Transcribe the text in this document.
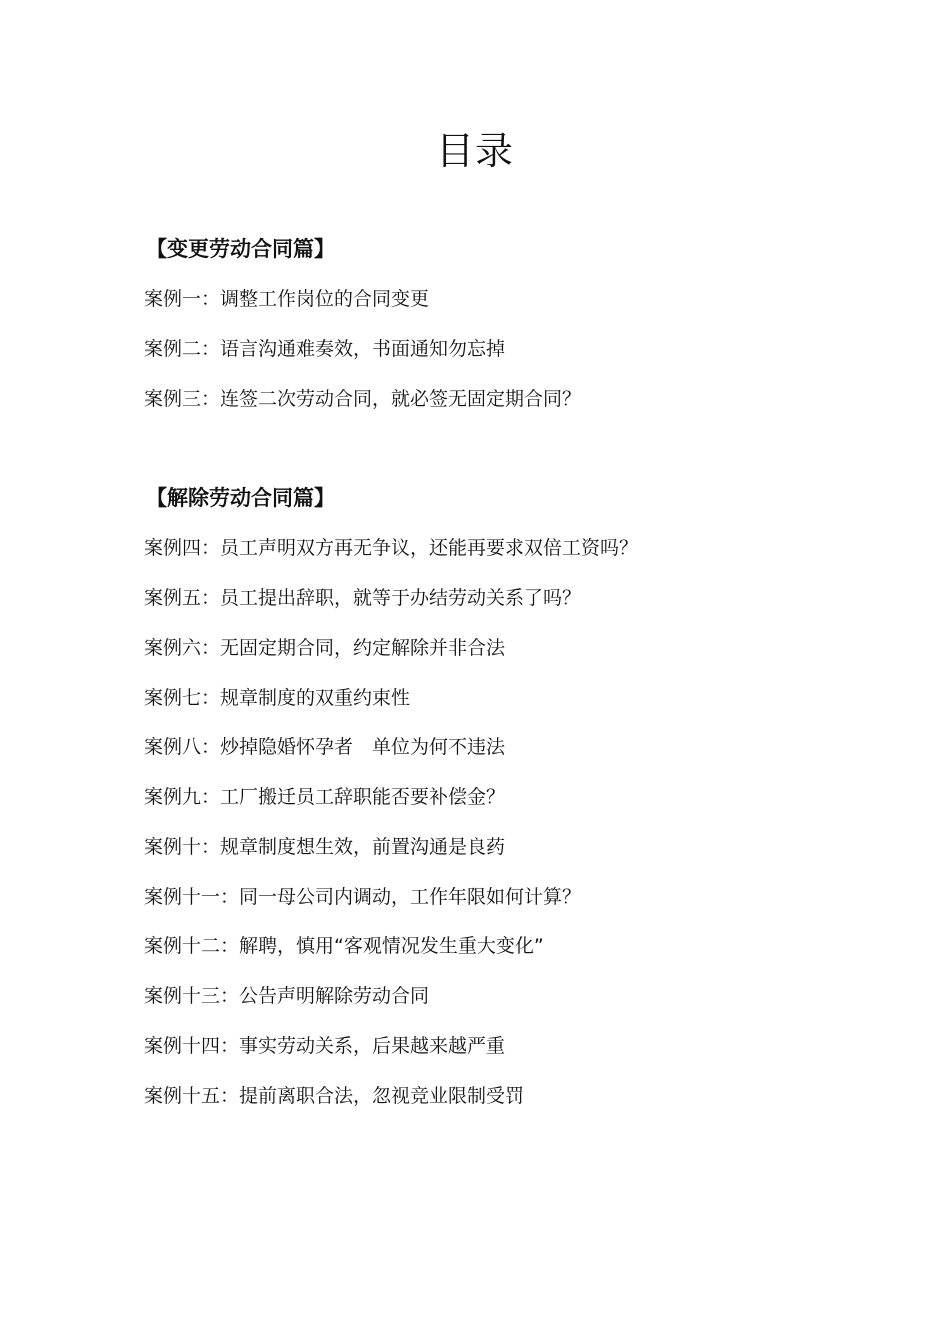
目录
【变更劳动合同篇】
案例一：调整工作岗位的合同变更
案例二：语言沟通难奏效，书面通知勿忘掉
案例三：连签二次劳动合同，就必签无固定期合同？
【解除劳动合同篇】
案例四：员工声明双方再无争议，还能再要求双倍工资吗？
案例五：员工提出辞职，就等于办结劳动关系了吗？
案例六：无固定期合同，约定解除并非合法
案例七：规章制度的双重约束性
案例八：炒掉隐婚怀孕者　单位为何不违法
案例九：工厂搬迁员工辞职能否要补偿金？
案例十：规章制度想生效，前置沟通是良药
案例十一：同一母公司内调动，工作年限如何计算？
案例十二：解聘，慎用“客观情况发生重大变化”
案例十三：公告声明解除劳动合同
案例十四：事实劳动关系，后果越来越严重
案例十五：提前离职合法，忽视竞业限制受罚
